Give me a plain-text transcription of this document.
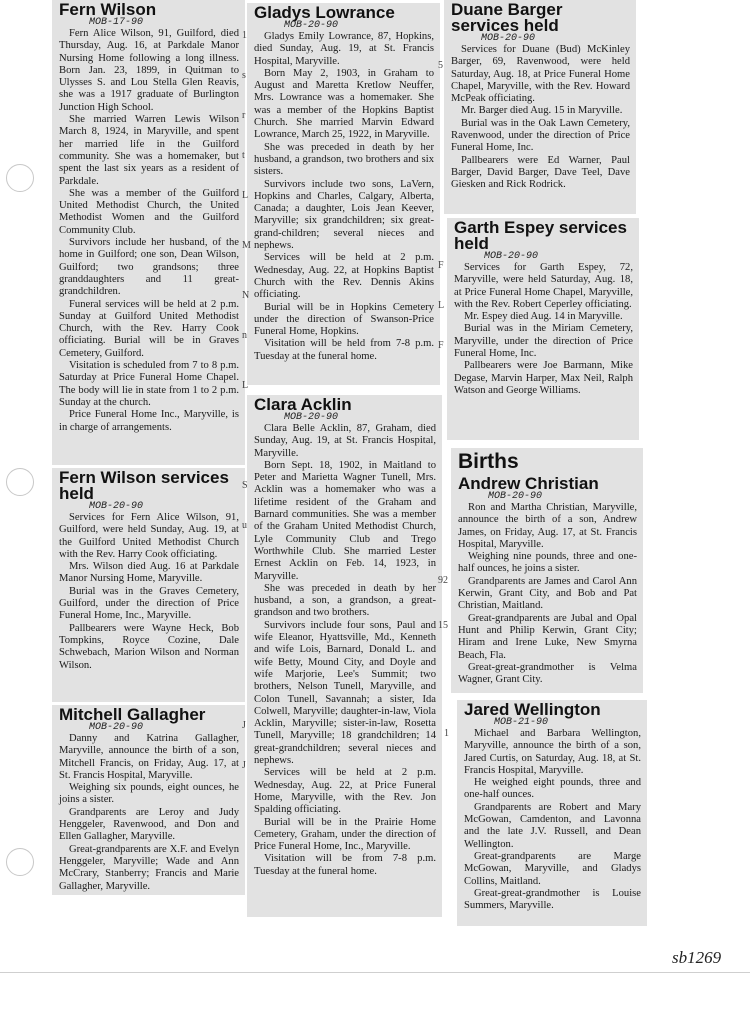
Fern Wilson
MOB-17-90

Fern Alice Wilson, 91, Guilford, died Thursday, Aug. 16, at Parkdale Manor Nursing Home following a long illness. Born Jan. 23, 1899, in Quitman to Ulysses S. and Lou Stella Glen Reavis, she was a 1917 graduate of Burlington Junction High School.

She married Warren Lewis Wilson March 8, 1924, in Maryville, and spent her married life in the Guilford community. She was a homemaker, but spent the last six years as a resident of Parkdale.

She was a member of the Guilford United Methodist Church, the United Methodist Women and the Guilford Community Club.

Survivors include her husband, of the home in Guilford; one son, Dean Wilson, Guilford; two grandsons; three granddaughters and 11 great-grandchildren.

Funeral services will be held at 2 p.m. Sunday at Guilford United Methodist Church, with the Rev. Harry Cook officiating. Burial will be in Graves Cemetery, Guilford.

Visitation is scheduled from 7 to 8 p.m. Saturday at Price Funeral Home Chapel. The body will lie in state from 1 to 2 p.m. Sunday at the church.

Price Funeral Home Inc., Maryville, is in charge of arrangements.

Fern Wilson services held
MOB-20-90

Services for Fern Alice Wilson, 91, Guilford, were held Sunday, Aug. 19, at the Guilford United Methodist Church with the Rev. Harry Cook officiating.

Mrs. Wilson died Aug. 16 at Parkdale Manor Nursing Home, Maryville.

Burial was in the Graves Cemetery, Guilford, under the direction of Price Funeral Home, Inc., Maryville.

Pallbearers were Wayne Heck, Bob Tompkins, Royce Cozine, Dale Schwebach, Marion Wilson and Norman Wilson.

Mitchell Gallagher
MOB-20-90

Danny and Katrina Gallagher, Maryville, announce the birth of a son, Mitchell Francis, on Friday, Aug. 17, at St. Francis Hospital, Maryville.

Weighing six pounds, eight ounces, he joins a sister.

Grandparents are Leroy and Judy Henggeler, Ravenwood, and Don and Ellen Gallagher, Maryville.

Great-grandparents are X.F. and Evelyn Henggeler, Maryville; Wade and Ann McCrary, Stanberry; Francis and Marie Gallagher, Maryville.

Gladys Lowrance
MOB-20-90

Gladys Emily Lowrance, 87, Hopkins, died Sunday, Aug. 19, at St. Francis Hospital, Maryville.

Born May 2, 1903, in Graham to August and Maretta Kretlow Neuffer, Mrs. Lowrance was a homemaker. She was a member of the Hopkins Baptist Church. She married Marvin Edward Lowrance, March 25, 1922, in Maryville.

She was preceded in death by her husband, a grandson, two brothers and six sisters.

Survivors include two sons, LaVern, Hopkins and Charles, Calgary, Alberta, Canada; a daughter, Lois Jean Keever, Maryville; six grandchildren; six great-grand-children; several nieces and nephews.

Services will be held at 2 p.m. Wednesday, Aug. 22, at Hopkins Baptist Church with the Rev. Dennis Akins officiating.

Burial will be in Hopkins Cemetery under the direction of Swanson-Price Funeral Home, Hopkins.

Visitation will be held from 7-8 p.m. Tuesday at the funeral home.

Clara Acklin
MOB-20-90

Clara Belle Acklin, 87, Graham, died Sunday, Aug. 19, at St. Francis Hospital, Maryville.

Born Sept. 18, 1902, in Maitland to Peter and Marietta Wagner Tunell, Mrs. Acklin was a homemaker who was a lifetime resident of the Graham and Barnard communities. She was a member of the Graham United Methodist Church, Lyle Community Club and Trego Worthwhile Club. She married Lester Ernest Acklin on Feb. 14, 1923, in Maryville.

She was preceded in death by her husband, a son, a grandson, a great-grandson and two brothers.

Survivors include four sons, Paul and wife Eleanor, Hyattsville, Md., Kenneth and wife Lois, Barnard, Donald L. and wife Betty, Mound City, and Doyle and wife Marjorie, Lee's Summit; two brothers, Nelson Tunell, Maryville, and Colon Tunell, Savannah; a sister, Ida Colwell, Maryville; daughter-in-law, Viola Acklin, Maryville; sister-in-law, Rosetta Tunell, Maryville; 18 grandchildren; 14 great-grandchildren; several nieces and nephews.

Services will be held at 2 p.m. Wednesday, Aug. 22, at Price Funeral Home, Maryville, with the Rev. Jon Spalding officiating.

Burial will be in the Prairie Home Cemetery, Graham, under the direction of Price Funeral Home, Inc., Maryville.

Visitation will be from 7-8 p.m. Tuesday at the funeral home.

Duane Barger services held
MOB-20-90

Services for Duane (Bud) McKinley Barger, 69, Ravenwood, were held Saturday, Aug. 18, at Price Funeral Home Chapel, Maryville, with the Rev. Howard McPeak officiating.

Mr. Barger died Aug. 15 in Maryville.

Burial was in the Oak Lawn Cemetery, Ravenwood, under the direction of Price Funeral Home, Inc.

Pallbearers were Ed Warner, Paul Barger, David Barger, Dave Teel, Dave Giesken and Rick Rodrick.

Garth Espey services held
MOB-20-90

Services for Garth Espey, 72, Maryville, were held Saturday, Aug. 18, at Price Funeral Home Chapel, Maryville, with the Rev. Robert Ceperley officiating.

Mr. Espey died Aug. 14 in Maryville.

Burial was in the Miriam Cemetery, Maryville, under the direction of Price Funeral Home, Inc.

Pallbearers were Joe Barmann, Mike Degase, Marvin Harper, Max Neil, Ralph Watson and George Williams.

Births
Andrew Christian
MOB-20-90

Ron and Martha Christian, Maryville, announce the birth of a son, Andrew James, on Friday, Aug. 17, at St. Francis Hospital, Maryville.

Weighing nine pounds, three and one-half ounces, he joins a sister.

Grandparents are James and Carol Ann Kerwin, Grant City, and Bob and Pat Christian, Maitland.

Great-grandparents are Jubal and Opal Hunt and Philip Kerwin, Grant City; Hiram and Irene Luke, New Smyrna Beach, Fla.

Great-great-grandmother is Velma Wagner, Grant City.

Jared Wellington
MOB-21-90

Michael and Barbara Wellington, Maryville, announce the birth of a son, Jared Curtis, on Saturday, Aug. 18, at St. Francis Hospital, Maryville.

He weighed eight pounds, three and one-half ounces.

Grandparents are Robert and Mary McGowan, Camdenton, and Lavonna and the late J.V. Russell, and Dean Wellington.

Great-grandparents are Marge McGowan, Maryville, and Gladys Collins, Maitland.

Great-great-grandmother is Louise Summers, Maryville.

1
s
r
t
L
M
N
n
L
F
L
S
u
J
J
1
F
5
92
15
sb1269
